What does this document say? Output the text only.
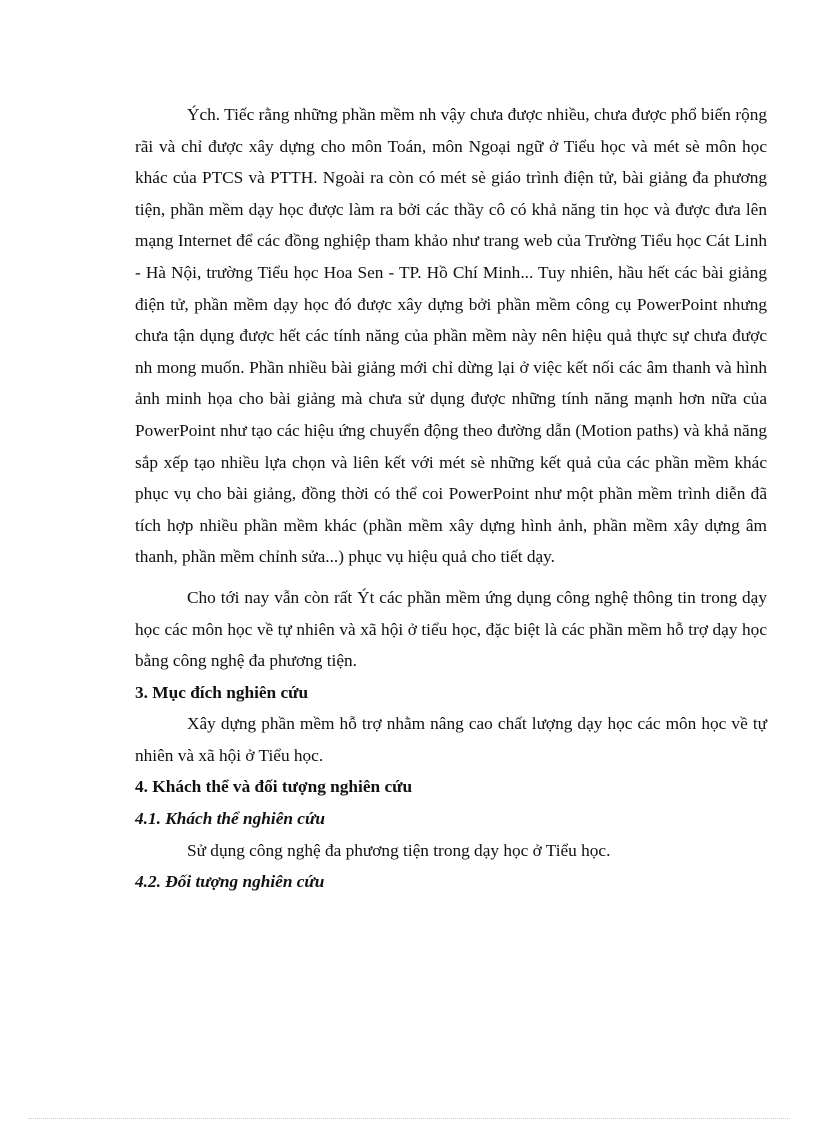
Ých. Tiếc rằng những phần mềm nh vậy chưa được nhiều, chưa được phổ biến rộng rãi và chỉ được xây dựng cho môn Toán, môn Ngoại ngữ ở Tiểu học và mét sè môn học khác của PTCS và PTTH. Ngoài ra còn có mét sè giáo trình điện tử, bài giảng đa phương tiện, phần mềm dạy học được làm ra bởi các thầy cô có khả năng tin học và được đưa lên mạng Internet để các đồng nghiệp tham khảo như trang web của Trường Tiểu học Cát Linh - Hà Nội, trường Tiểu học Hoa Sen - TP. Hồ Chí Minh... Tuy nhiên, hầu hết các bài giảng điện tử, phần mềm dạy học đó được xây dựng bởi phần mềm công cụ PowerPoint nhưng chưa tận dụng được hết các tính năng của phần mềm này nên hiệu quả thực sự chưa được nh mong muốn. Phần nhiều bài giảng mới chỉ dừng lại ở việc kết nối các âm thanh và hình ảnh minh họa cho bài giảng mà chưa sử dụng được những tính năng mạnh hơn nữa của PowerPoint như tạo các hiệu ứng chuyển động theo đường dẫn (Motion paths) và khả năng sắp xếp tạo nhiều lựa chọn và liên kết với mét sè những kết quả của các phần mềm khác phục vụ cho bài giảng, đồng thời có thể coi PowerPoint như một phần mềm trình diễn đã tích hợp nhiều phần mềm khác (phần mềm xây dựng hình ảnh, phần mềm xây dựng âm thanh, phần mềm chỉnh sửa...) phục vụ hiệu quả cho tiết dạy.

Cho tới nay vẫn còn rất Ýt các phần mềm ứng dụng công nghệ thông tin trong dạy học các môn học về tự nhiên và xã hội ở tiểu học, đặc biệt là các phần mềm hỗ trợ dạy học bằng công nghệ đa phương tiện.

3. Mục đích nghiên cứu

Xây dựng phần mềm hỗ trợ nhằm nâng cao chất lượng dạy học các môn học về tự nhiên và xã hội ở Tiểu học.

4. Khách thể và đối tượng nghiên cứu

4.1. Khách thể nghiên cứu

Sử dụng công nghệ đa phương tiện trong dạy học ở Tiểu học.

4.2. Đối tượng nghiên cứu
